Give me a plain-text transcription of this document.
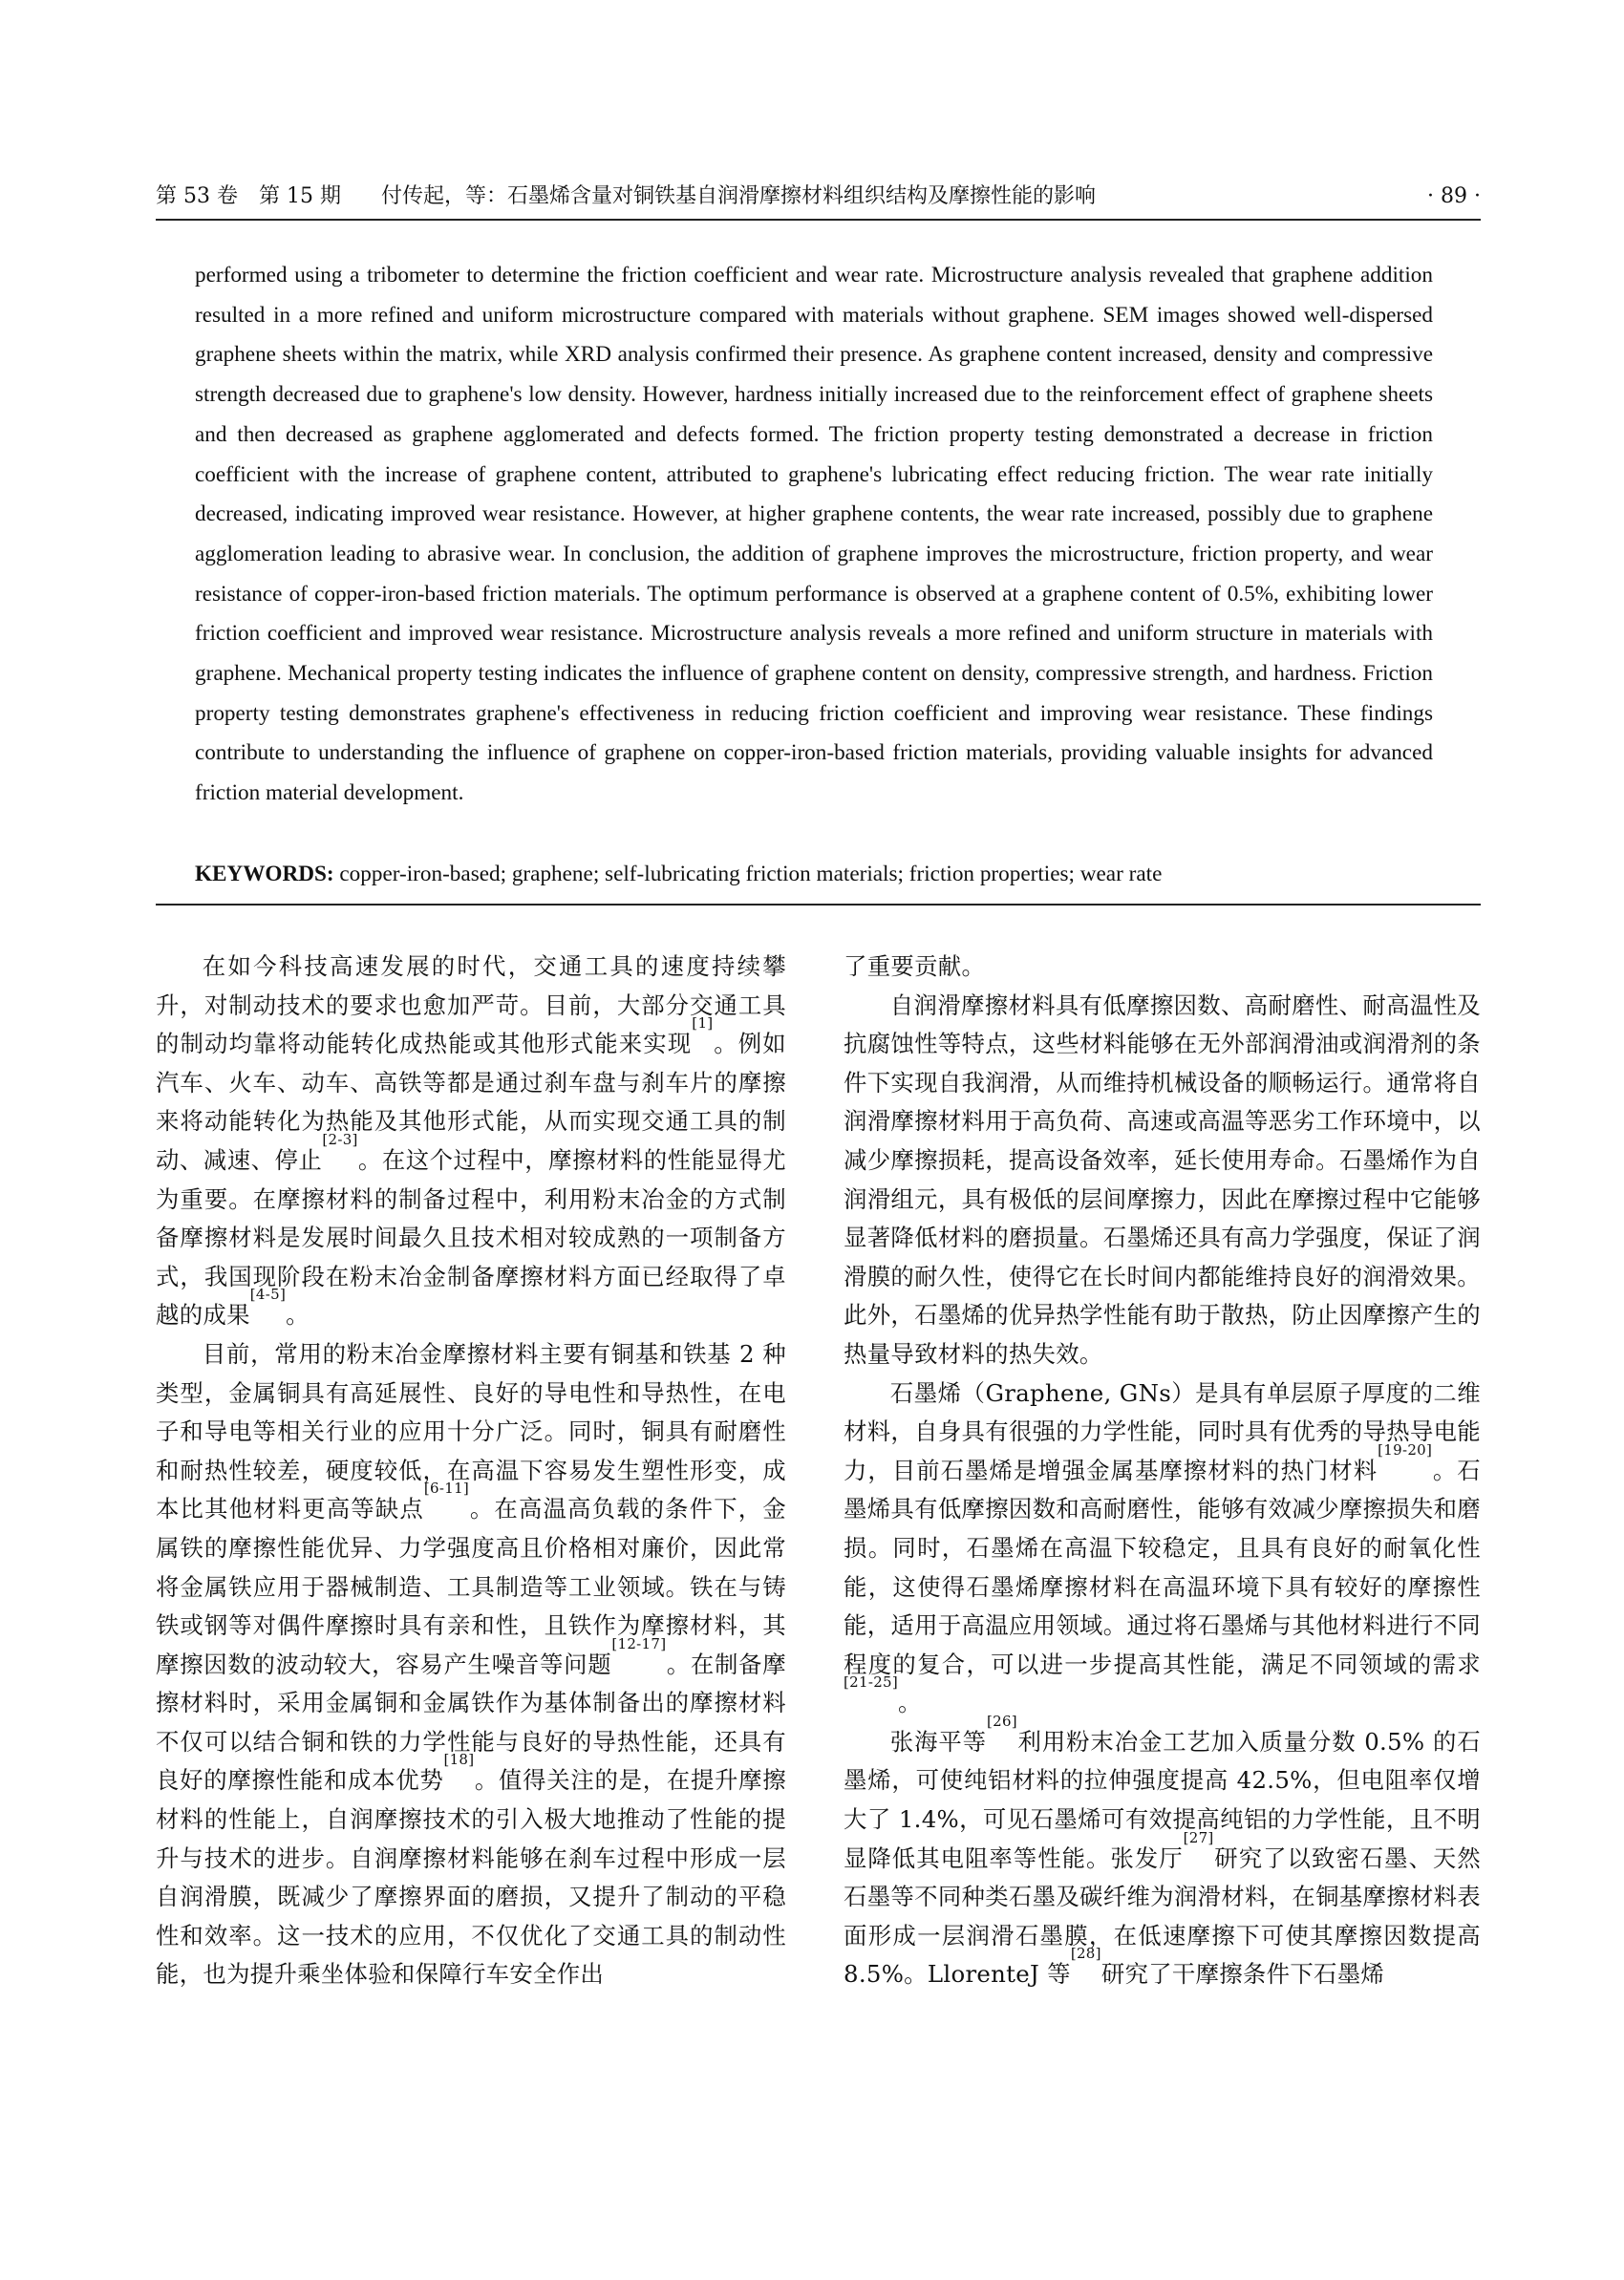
第 53 卷　第 15 期 付传起，等：石墨烯含量对铜铁基自润滑摩擦材料组织结构及摩擦性能的影响	· 89 ·

performed using a tribometer to determine the friction coefficient and wear rate. Microstructure analysis revealed that graphene addition resulted in a more refined and uniform microstructure compared with materials without graphene. SEM images showed well-dispersed graphene sheets within the matrix, while XRD analysis confirmed their presence. As graphene content increased, density and compressive strength decreased due to graphene's low density. However, hardness initially increased due to the reinforcement effect of graphene sheets and then decreased as graphene agglomerated and defects formed. The friction property testing demonstrated a decrease in friction coefficient with the increase of graphene content, attributed to graphene's lubricating effect reducing friction. The wear rate initially decreased, indicating improved wear resistance. However, at higher graphene contents, the wear rate increased, possibly due to graphene agglomeration leading to abrasive wear. In conclusion, the addition of graphene improves the microstructure, friction property, and wear resistance of copper-iron-based friction materials. The optimum performance is observed at a graphene content of 0.5%, exhibiting lower friction coefficient and improved wear resistance. Microstructure analysis reveals a more refined and uniform structure in materials with graphene. Mechanical property testing indicates the influence of graphene content on density, compressive strength, and hardness. Friction property testing demonstrates graphene's effectiveness in reducing friction coefficient and improving wear resistance. These findings contribute to understanding the influence of graphene on copper-iron-based friction materials, providing valuable insights for advanced friction material development.

KEYWORDS: copper-iron-based; graphene; self-lubricating friction materials; friction properties; wear rate

在如今科技高速发展的时代，交通工具的速度持续攀升，对制动技术的要求也愈加严苛。目前，大部分交通工具的制动均靠将动能转化成热能或其他形式能来实现[1]。例如汽车、火车、动车、高铁等都是通过刹车盘与刹车片的摩擦来将动能转化为热能及其他形式能，从而实现交通工具的制动、减速、停止[2-3]。在这个过程中，摩擦材料的性能显得尤为重要。在摩擦材料的制备过程中，利用粉末冶金的方式制备摩擦材料是发展时间最久且技术相对较成熟的一项制备方式，我国现阶段在粉末冶金制备摩擦材料方面已经取得了卓越的成果[4-5]。

目前，常用的粉末冶金摩擦材料主要有铜基和铁基 2 种类型，金属铜具有高延展性、良好的导电性和导热性，在电子和导电等相关行业的应用十分广泛。同时，铜具有耐磨性和耐热性较差，硬度较低，在高温下容易发生塑性形变，成本比其他材料更高等缺点[6-11]。在高温高负载的条件下，金属铁的摩擦性能优异、力学强度高且价格相对廉价，因此常将金属铁应用于器械制造、工具制造等工业领域。铁在与铸铁或钢等对偶件摩擦时具有亲和性，且铁作为摩擦材料，其摩擦因数的波动较大，容易产生噪音等问题[12-17]。在制备摩擦材料时，采用金属铜和金属铁作为基体制备出的摩擦材料不仅可以结合铜和铁的力学性能与良好的导热性能，还具有良好的摩擦性能和成本优势[18]。值得关注的是，在提升摩擦材料的性能上，自润摩擦技术的引入极大地推动了性能的提升与技术的进步。自润摩擦材料能够在刹车过程中形成一层自润滑膜，既减少了摩擦界面的磨损，又提升了制动的平稳性和效率。这一技术的应用，不仅优化了交通工具的制动性能，也为提升乘坐体验和保障行车安全作出

了重要贡献。

自润滑摩擦材料具有低摩擦因数、高耐磨性、耐高温性及抗腐蚀性等特点，这些材料能够在无外部润滑油或润滑剂的条件下实现自我润滑，从而维持机械设备的顺畅运行。通常将自润滑摩擦材料用于高负荷、高速或高温等恶劣工作环境中，以减少摩擦损耗，提高设备效率，延长使用寿命。石墨烯作为自润滑组元，具有极低的层间摩擦力，因此在摩擦过程中它能够显著降低材料的磨损量。石墨烯还具有高力学强度，保证了润滑膜的耐久性，使得它在长时间内都能维持良好的润滑效果。此外，石墨烯的优异热学性能有助于散热，防止因摩擦产生的热量导致材料的热失效。

石墨烯（Graphene, GNs）是具有单层原子厚度的二维材料，自身具有很强的力学性能，同时具有优秀的导热导电能力，目前石墨烯是增强金属基摩擦材料的热门材料[19-20]。石墨烯具有低摩擦因数和高耐磨性，能够有效减少摩擦损失和磨损。同时，石墨烯在高温下较稳定，且具有良好的耐氧化性能，这使得石墨烯摩擦材料在高温环境下具有较好的摩擦性能，适用于高温应用领域。通过将石墨烯与其他材料进行不同程度的复合，可以进一步提高其性能，满足不同领域的需求[21-25]。

张海平等[26]利用粉末冶金工艺加入质量分数 0.5% 的石墨烯，可使纯铝材料的拉伸强度提高 42.5%，但电阻率仅增大了 1.4%，可见石墨烯可有效提高纯铝的力学性能，且不明显降低其电阻率等性能。张发厅[27]研究了以致密石墨、天然石墨等不同种类石墨及碳纤维为润滑材料，在铜基摩擦材料表面形成一层润滑石墨膜，在低速摩擦下可使其摩擦因数提高 8.5%。LlorenteJ 等[28]研究了干摩擦条件下石墨烯
